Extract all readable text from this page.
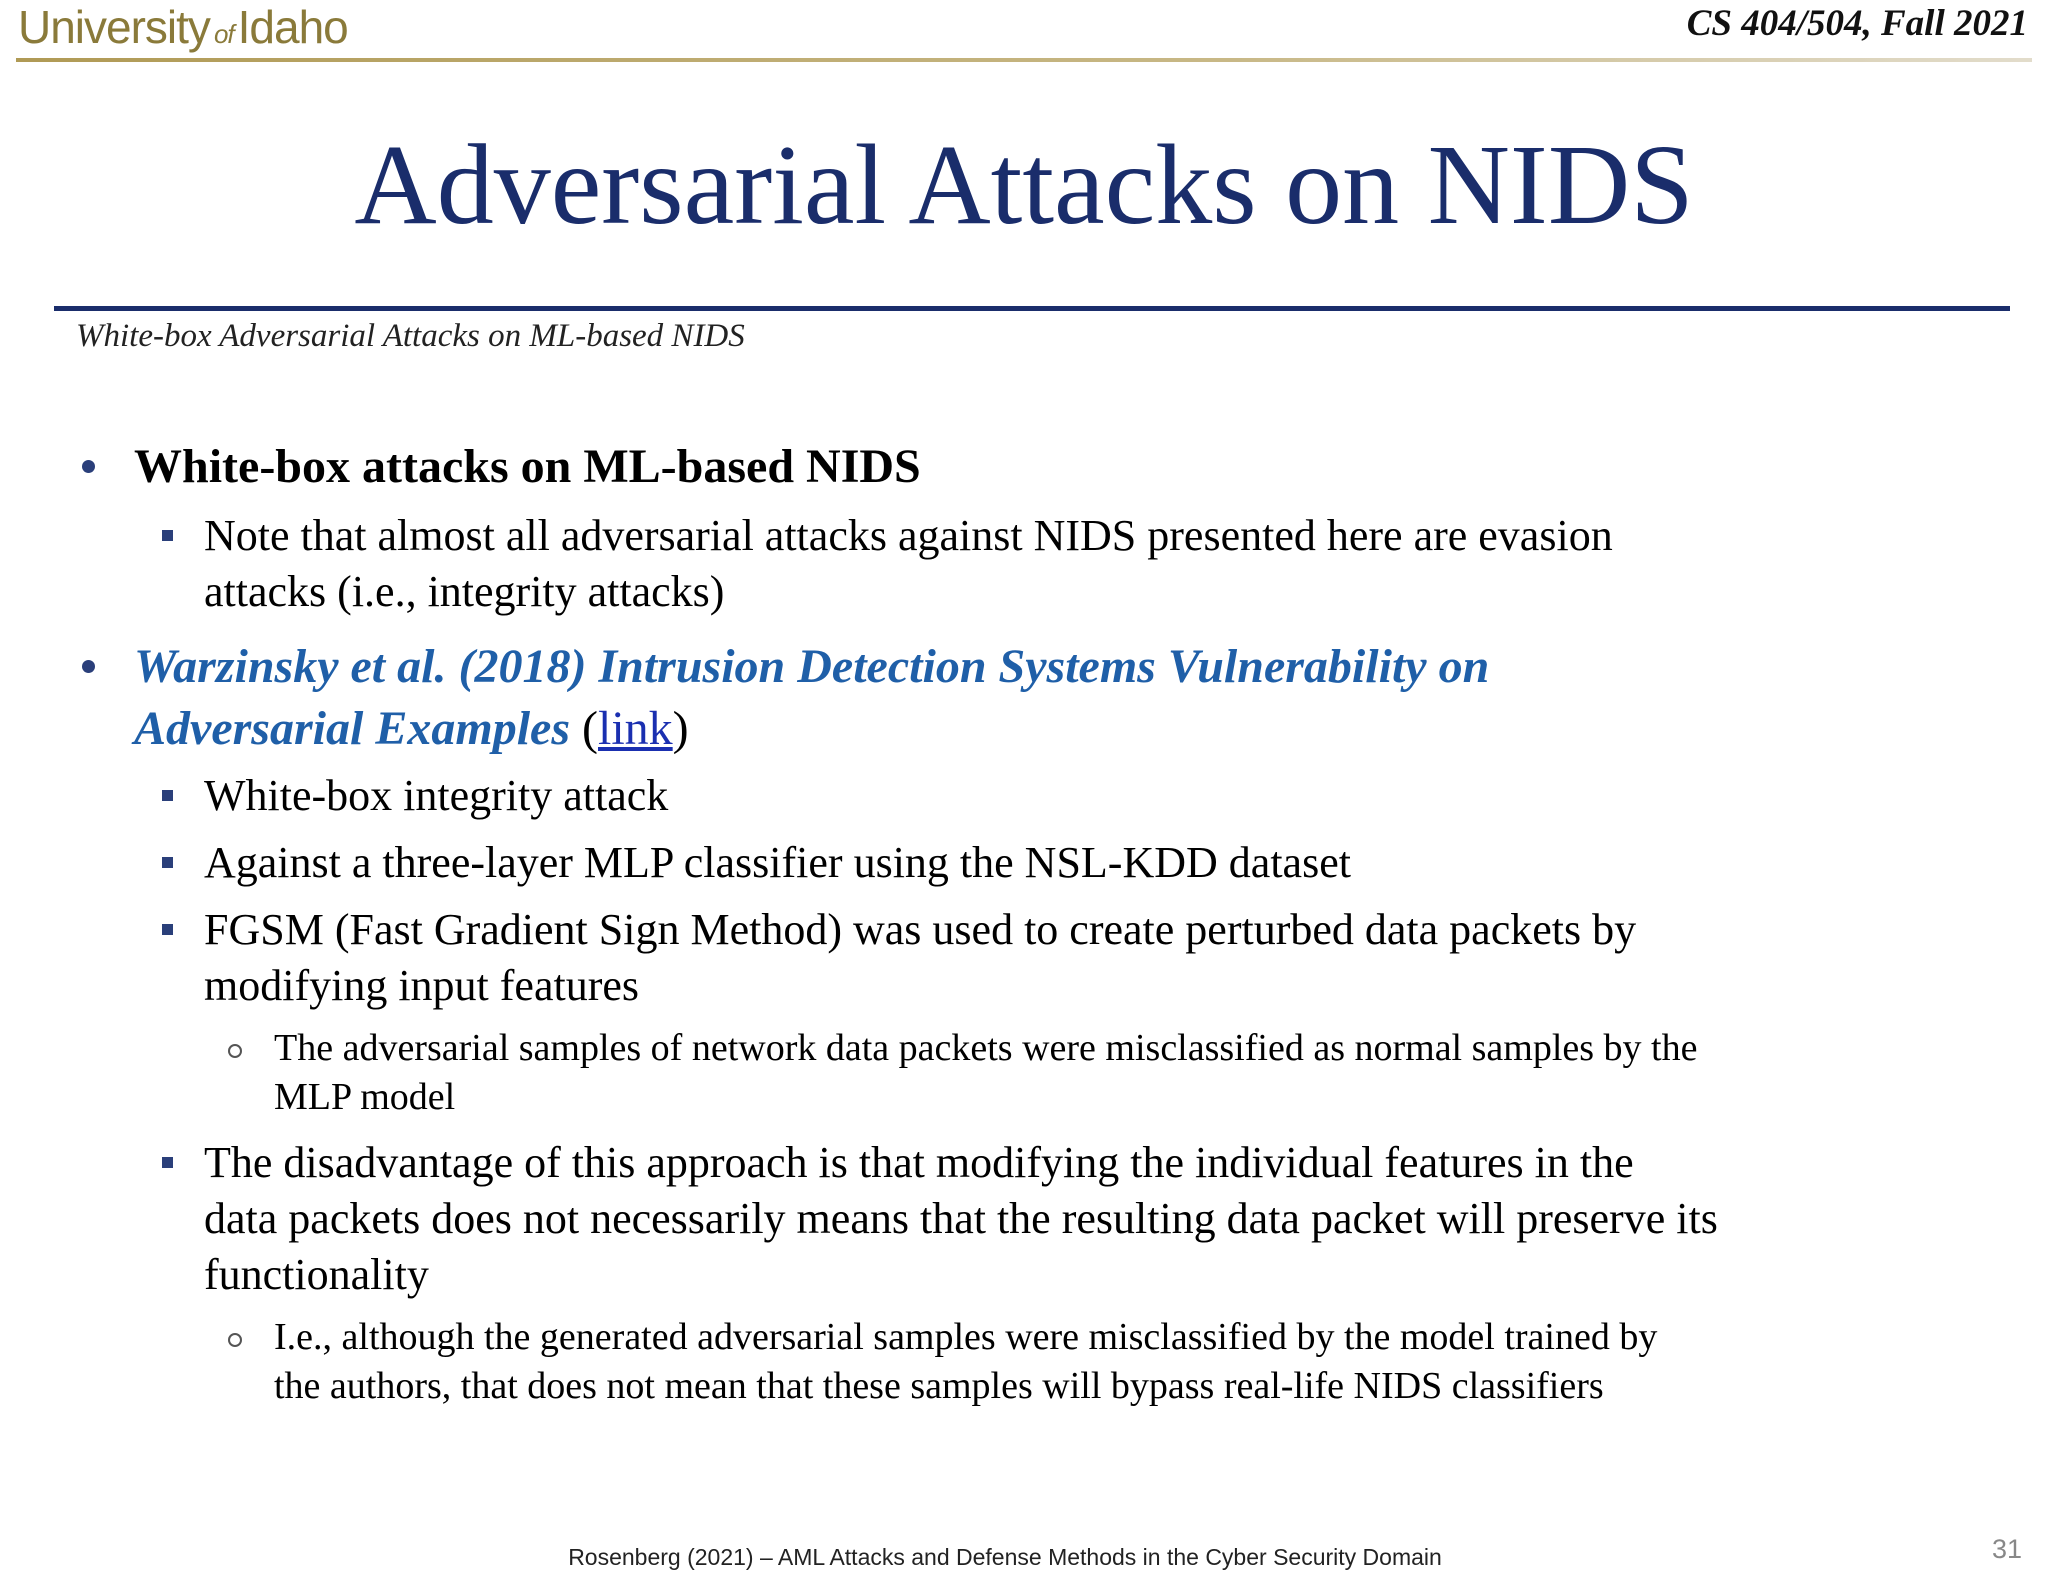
University ofIdaho	CS 404/504, Fall 2021
Adversarial Attacks on NIDS
White-box Adversarial Attacks on ML-based NIDS
White-box attacks on ML-based NIDS
Note that almost all adversarial attacks against NIDS presented here are evasion
attacks (i.e., integrity attacks)
Warzinsky et al. (2018) Intrusion Detection Systems Vulnerability on
Adversarial Examples (link)
White-box integrity attack
Against a three-layer MLP classifier using the NSL-KDD dataset
FGSM (Fast Gradient Sign Method) was used to create perturbed data packets by
modifying input features
The adversarial samples of network data packets were misclassified as normal samples by the
MLP model
The disadvantage of this approach is that modifying the individual features in the
data packets does not necessarily means that the resulting data packet will preserve its
functionality
I.e., although the generated adversarial samples were misclassified by the model trained by
the authors, that does not mean that these samples will bypass real-life NIDS classifiers
Rosenberg (2021) – AML Attacks and Defense Methods in the Cyber Security Domain	31
